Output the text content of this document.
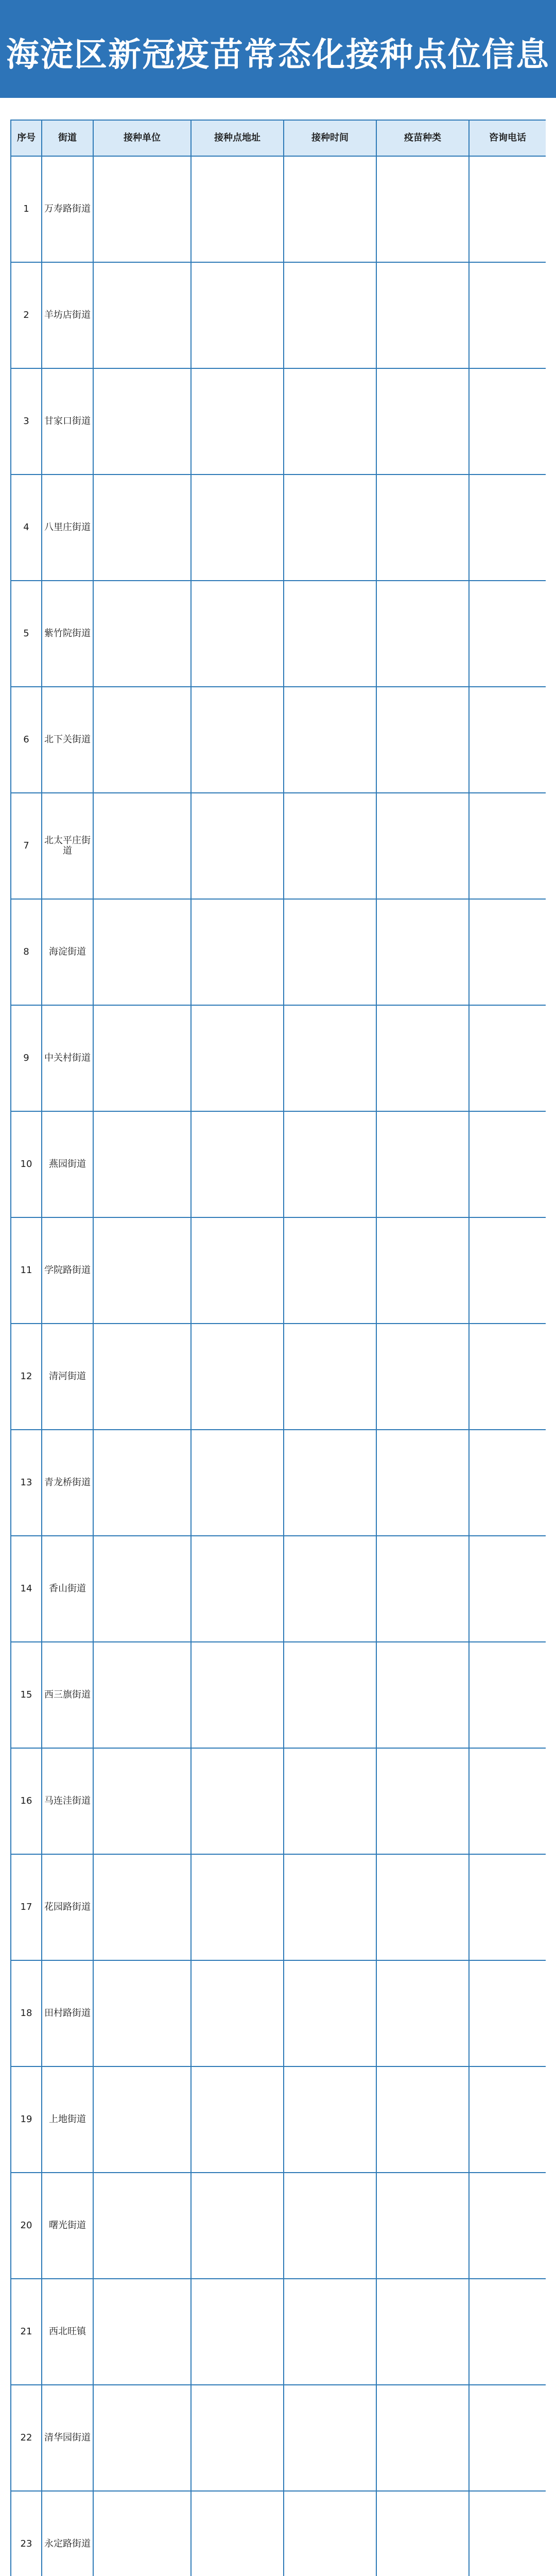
海淀区新冠疫苗常态化接种点位信息
序号	街道	接种单位	接种点地址	接种时间	疫苗种类	咨询电话
1	万寿路街道					
2	羊坊店街道					
3	甘家口街道					
4	八里庄街道					
5	紫竹院街道					
6	北下关街道					
7	北太平庄街道					
8	海淀街道					
9	中关村街道					
10	燕园街道					
11	学院路街道					
12	清河街道					
13	青龙桥街道					
14	香山街道					
15	西三旗街道					
16	马连洼街道					
17	花园路街道					
18	田村路街道					
19	上地街道					
20	曙光街道					
21	西北旺镇					
22	清华园街道					
23	永定路街道					
